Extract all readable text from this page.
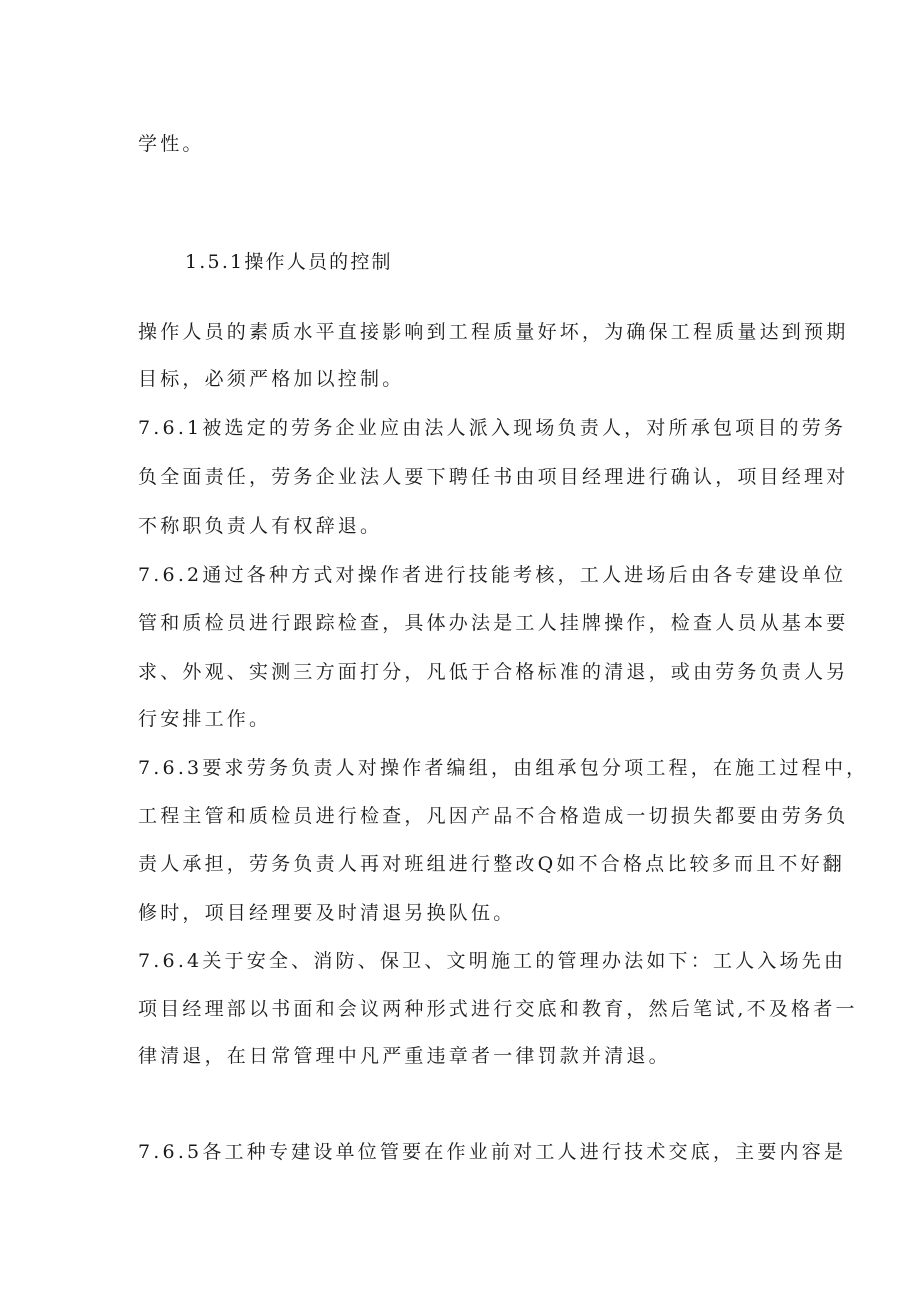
学性。
1.5.1操作人员的控制
操作人员的素质水平直接影响到工程质量好坏，为确保工程质量达到预期
目标，必须严格加以控制。
7.6.1被选定的劳务企业应由法人派入现场负责人，对所承包项目的劳务
负全面责任，劳务企业法人要下聘任书由项目经理进行确认，项目经理对
不称职负责人有权辞退。
7.6.2通过各种方式对操作者进行技能考核，工人进场后由各专建设单位
管和质检员进行跟踪检查，具体办法是工人挂牌操作，检查人员从基本要
求、外观、实测三方面打分，凡低于合格标准的清退，或由劳务负责人另
行安排工作。
7.6.3要求劳务负责人对操作者编组，由组承包分项工程，在施工过程中，
工程主管和质检员进行检查，凡因产品不合格造成一切损失都要由劳务负
责人承担，劳务负责人再对班组进行整改Q如不合格点比较多而且不好翻
修时，项目经理要及时清退另换队伍。
7.6.4关于安全、消防、保卫、文明施工的管理办法如下：工人入场先由
项目经理部以书面和会议两种形式进行交底和教育，然后笔试,不及格者一
律清退，在日常管理中凡严重违章者一律罚款并清退。
7.6.5各工种专建设单位管要在作业前对工人进行技术交底，主要内容是
